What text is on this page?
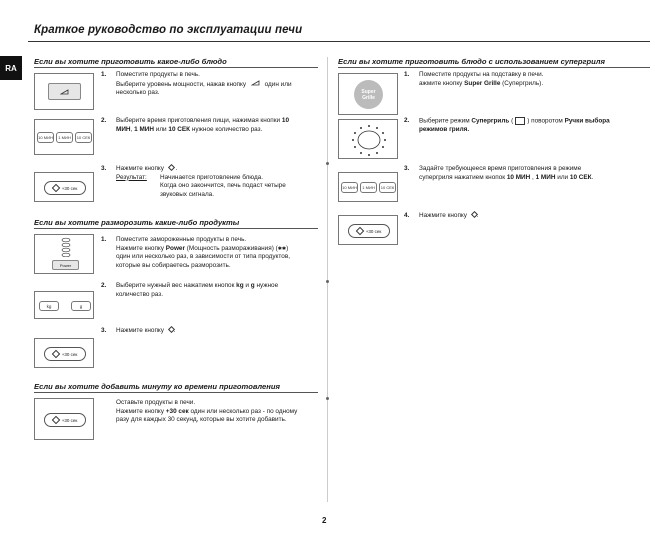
Краткое руководство по эксплуатации печи
RA
Если вы хотите приготовить какое-либо блюдо
1.	Поместите продукты в печь.
Выберите уровень мощности, нажав кнопку	один или
несколько раз.
10 МИН	1 МИН	10 СЕК
2.	Выберите время приготовления пищи, нажимая кнопки 10
МИН, 1 МИН или 10 СЕК нужное количество раз.
+30 сек
3.	Нажмите кнопку  .
Результат:	Начинается приготовление блюда.
Когда оно закончится, печь подаст четыре
звуковых сигнала.
Если вы хотите разморозить какие-либо продукты
Power
1.	Поместите замороженные продукты в печь.
Нажмите кнопку Power (Мощность размораживания) (✱✱)
один или несколько раз, в зависимости от типа продуктов,
которые вы собираетесь разморозить.
kg	g
2.	Выберите нужный вес нажатием кнопок kg и g нужное
количество раз.
+30 сек
3.	Нажмите кнопку .
Если вы хотите добавить минуту ко времени приготовления
+30 сек
Оставьте продукты в печи.
Нажмите кнопку +30 сек один или несколько раз - по одному
разу для каждых 30 секунд, которые вы хотите добавить.
Если вы хотите приготовить блюдо с использованием супергриля
Super
Grille
1.	Поместите продукты на подставку в печи.
ажмите кнопку Super Grille (Супергриль).
2.	Выберите режим Супергриль ( ) поворотом Ручки выбора
режимов гриля.
10 МИН	1 МИН	10 СЕК
3.	Задайте требующееся время приготовления в режиме
супергриля нажатием кнопок 10 МИН , 1 МИН или 10 СЕК.
+30 сек
4.	Нажмите кнопку .
2
